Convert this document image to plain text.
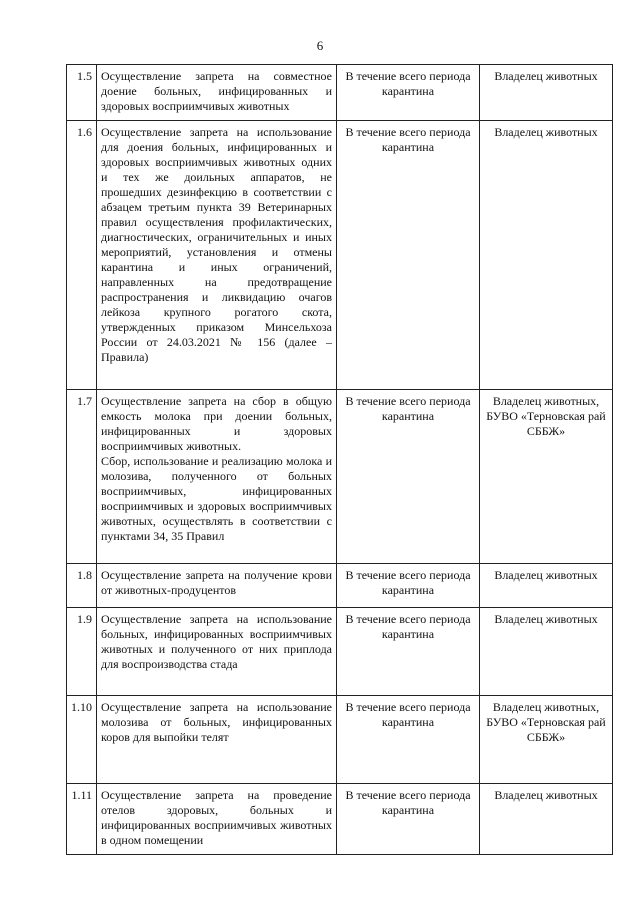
6
1.5	Осуществление запрета на совместное доение больных, инфицированных и здоровых восприимчивых животных	В течение всего периода карантина	Владелец животных
1.6	Осуществление запрета на использование для доения больных, инфицированных и здоровых восприимчивых животных одних и тех же доильных аппаратов, не прошедших дезинфекцию в соответствии с абзацем третьим пункта 39 Ветеринарных правил осуществления профилактических, диагностических, ограничительных и иных мероприятий, установления и отмены карантина и иных ограничений, направленных на предотвращение распространения и ликвидацию очагов лейкоза крупного рогатого скота, утвержденных приказом Минсельхоза России от 24.03.2021 № 156 (далее – Правила)	В течение всего периода карантина	Владелец животных
1.7	Осуществление запрета на сбор в общую емкость молока при доении больных, инфицированных и здоровых восприимчивых животных.
Сбор, использование и реализацию молока и молозива, полученного от больных восприимчивых, инфицированных восприимчивых и здоровых восприимчивых животных, осуществлять в соответствии с пунктами 34, 35 Правил	В течение всего периода карантина	Владелец животных, БУВО «Терновская рай СББЖ»
1.8	Осуществление запрета на получение крови от животных-продуцентов	В течение всего периода карантина	Владелец животных
1.9	Осуществление запрета на использование больных, инфицированных восприимчивых животных и полученного от них приплода для воспроизводства стада	В течение всего периода карантина	Владелец животных
1.10	Осуществление запрета на использование молозива от больных, инфицированных коров для выпойки телят	В течение всего периода карантина	Владелец животных, БУВО «Терновская рай СББЖ»
1.11	Осуществление запрета на проведение отелов здоровых, больных и инфицированных восприимчивых животных в одном помещении	В течение всего периода карантина	Владелец животных
